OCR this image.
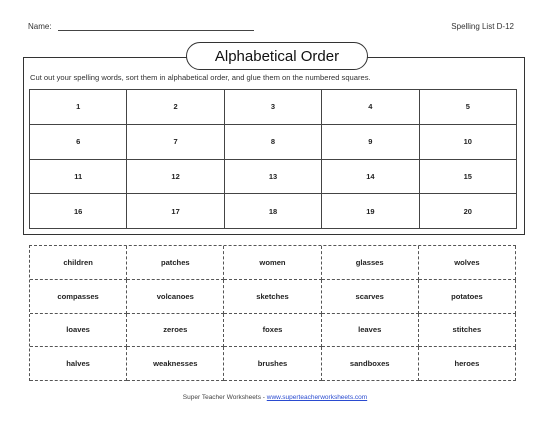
Name:	Spelling List D-12
Alphabetical Order
Cut out your spelling words, sort them in alphabetical order, and glue them on the numbered squares.
1	2	3	4	5
6	7	8	9	10
11	12	13	14	15
16	17	18	19	20
children	patches	women	glasses	wolves
compasses	volcanoes	sketches	scarves	potatoes
loaves	zeroes	foxes	leaves	stitches
halves	weaknesses	brushes	sandboxes	heroes
Super Teacher Worksheets - www.superteacherworksheets.com
